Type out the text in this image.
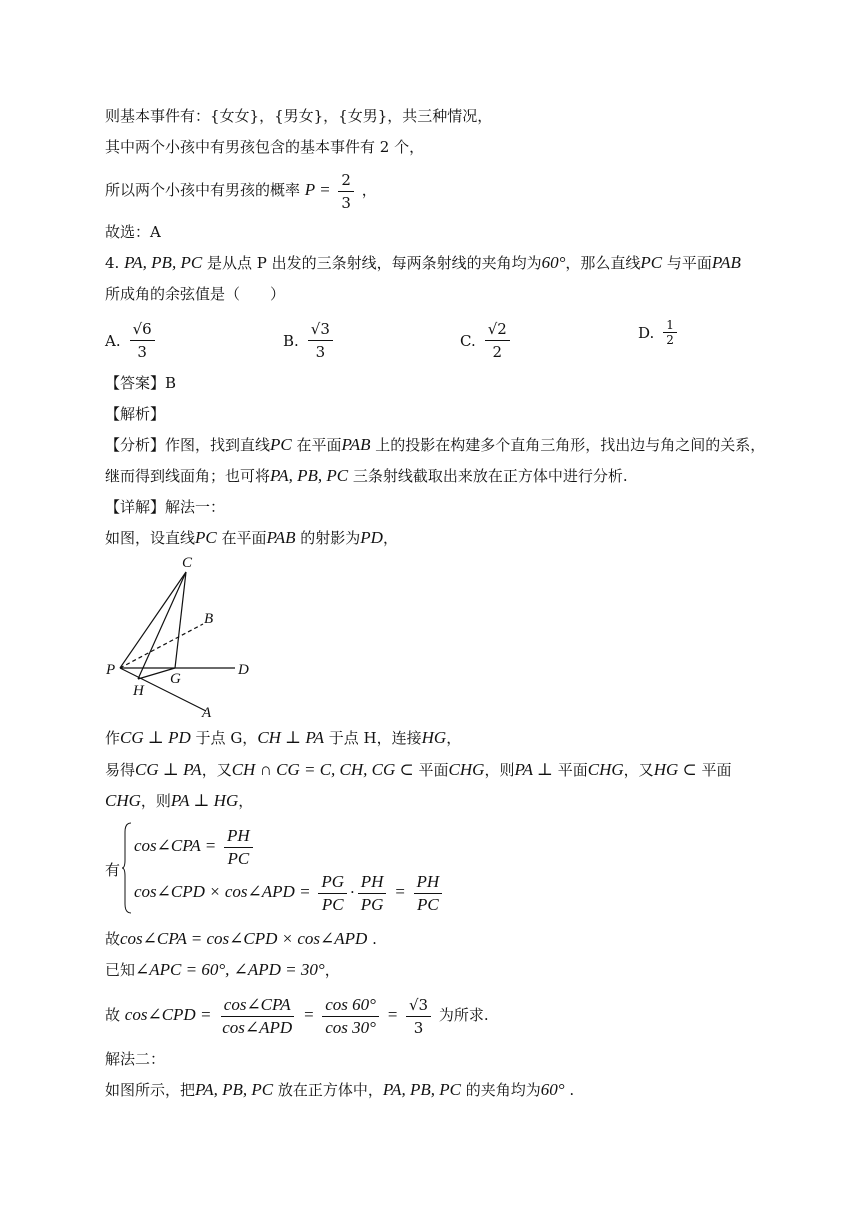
则基本事件有：{女女}，{男女}，{女男}，共三种情况，
其中两个小孩中有男孩包含的基本事件有 2 个，
所以两个小孩中有男孩的概率 $P = \frac{2}{3}$ ，
故选：A
4. PA, PB, PC 是从点 P 出发的三条射线，每两条射线的夹角均为60°，那么直线PC 与平面PAB
所成角的余弦值是（　　）
A. $\frac{√6}{3}$	B. $\frac{√3}{3}$	C. $\frac{√2}{2}$	D. $\frac{1}{2}$
【答案】B
【解析】
【分析】作图，找到直线PC 在平面PAB 上的投影在构建多个直角三角形，找出边与角之间的关系，
继而得到线面角；也可将PA, PB, PC 三条射线截取出来放在正方体中进行分析.
【详解】解法一：
如图，设直线PC 在平面PAB 的射影为PD，
C
B
P	D
H
G
A
作CG ⊥ PD 于点 G，CH ⊥ PA 于点 H，连接HG，
易得CG ⊥ PA，又CH ∩ CG = C, CH, CG ⊂ 平面CHG，则PA ⊥ 平面CHG，又HG ⊂ 平面
CHG，则PA ⊥ HG，
有
cos∠CPA = $\frac{PH}{PC}$
cos∠CPD × cos∠APD = $\frac{PG}{PC} \cdot \frac{PH}{PG} = \frac{PH}{PC}$
故cos∠CPA = cos∠CPD × cos∠APD .
已知∠APC = 60°, ∠APD = 30°，
故 cos∠CPD = $\frac{\text{cos∠CPA}}{\text{cos∠APD}} = \frac{\cos 60^\circ}{\cos 30^\circ} = \frac{√3}{3}$ 为所求.
解法二：
如图所示，把PA, PB, PC 放在正方体中，PA, PB, PC 的夹角均为60° .
